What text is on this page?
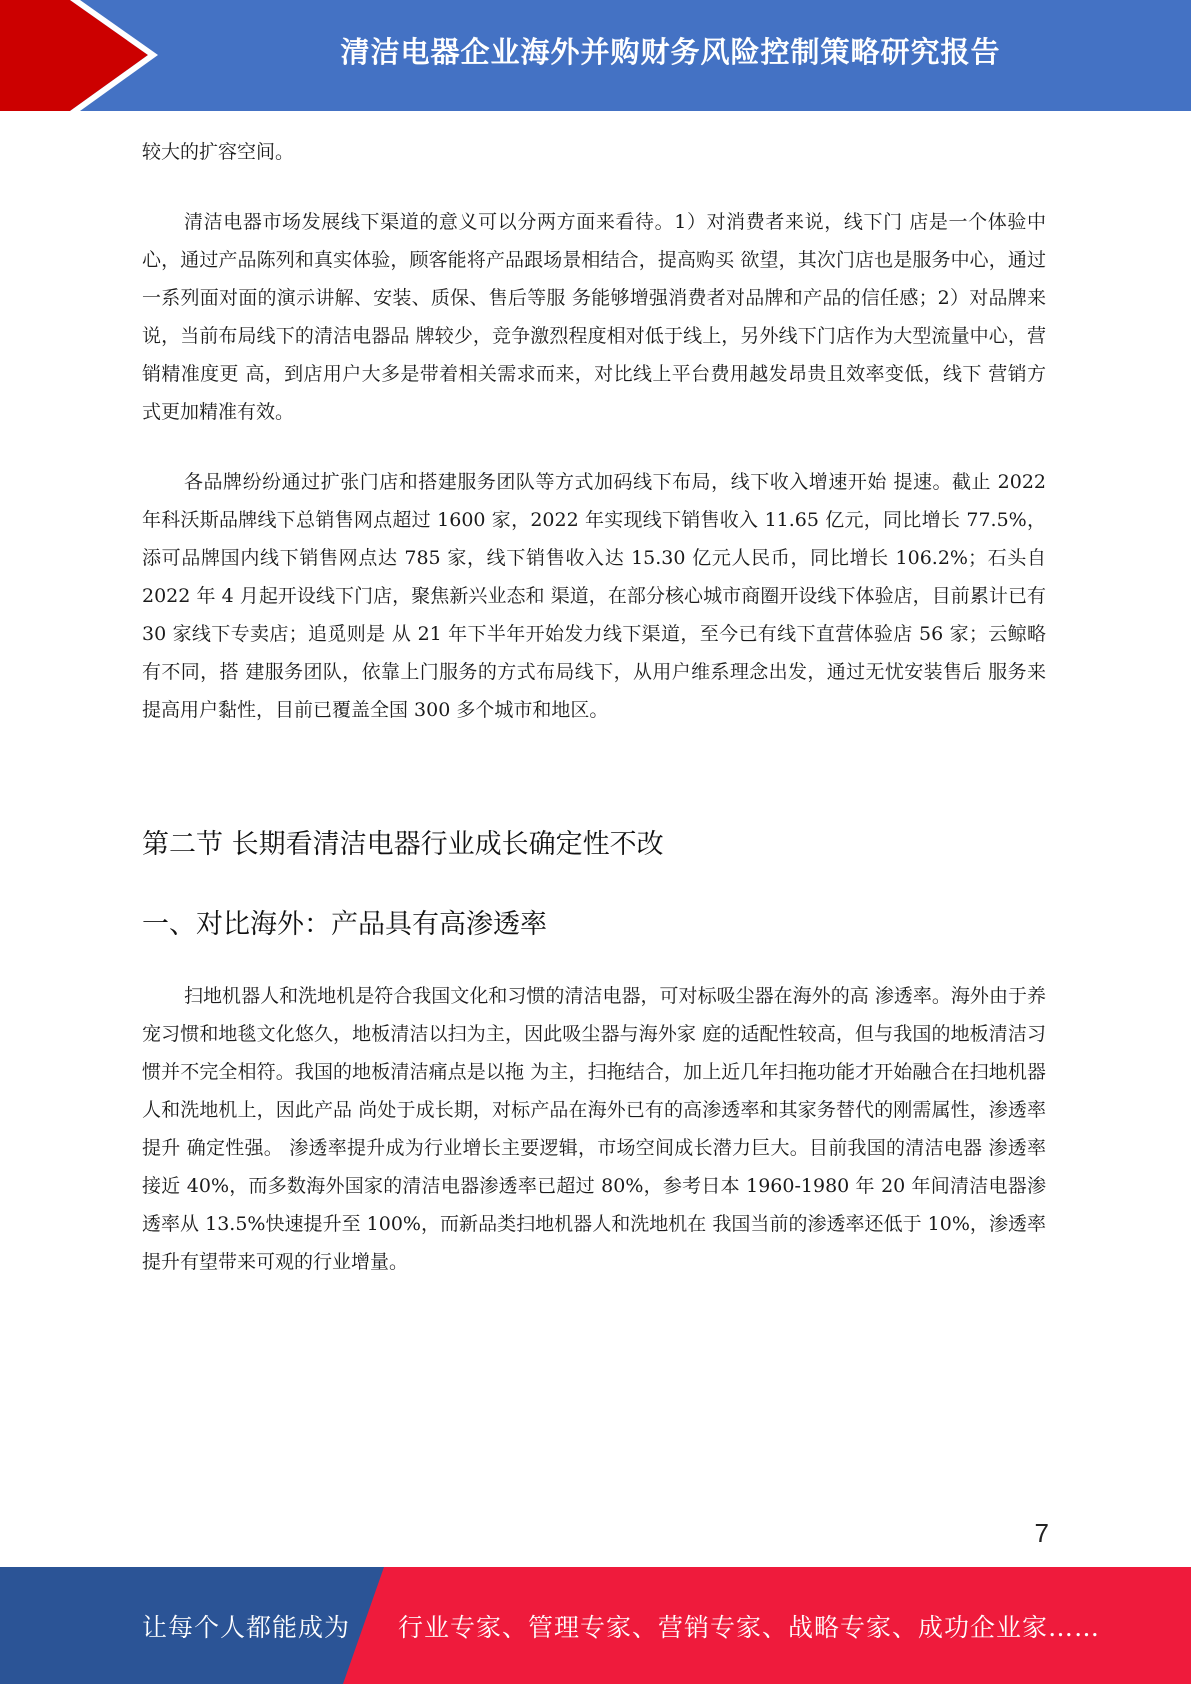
清洁电器企业海外并购财务风险控制策略研究报告

较大的扩容空间。

清洁电器市场发展线下渠道的意义可以分两方面来看待。1）对消费者来说，线下门 店是一个体验中心，通过产品陈列和真实体验，顾客能将产品跟场景相结合，提高购买 欲望，其次门店也是服务中心，通过一系列面对面的演示讲解、安装、质保、售后等服 务能够增强消费者对品牌和产品的信任感；2）对品牌来说，当前布局线下的清洁电器品 牌较少，竞争激烈程度相对低于线上，另外线下门店作为大型流量中心，营销精准度更 高，到店用户大多是带着相关需求而来，对比线上平台费用越发昂贵且效率变低，线下 营销方式更加精准有效。

各品牌纷纷通过扩张门店和搭建服务团队等方式加码线下布局，线下收入增速开始 提速。截止 2022 年科沃斯品牌线下总销售网点超过 1600 家，2022 年实现线下销售收入 11.65 亿元，同比增长 77.5%，添可品牌国内线下销售网点达 785 家，线下销售收入达 15.30 亿元人民币，同比增长 106.2%；石头自 2022 年 4 月起开设线下门店，聚焦新兴业态和 渠道，在部分核心城市商圈开设线下体验店，目前累计已有 30 家线下专卖店；追觅则是 从 21 年下半年开始发力线下渠道，至今已有线下直营体验店 56 家；云鲸略有不同，搭 建服务团队，依靠上门服务的方式布局线下，从用户维系理念出发，通过无忧安装售后 服务来提高用户黏性，目前已覆盖全国 300 多个城市和地区。

第二节 长期看清洁电器行业成长确定性不改
一、对比海外：产品具有高渗透率

扫地机器人和洗地机是符合我国文化和习惯的清洁电器，可对标吸尘器在海外的高 渗透率。海外由于养宠习惯和地毯文化悠久，地板清洁以扫为主，因此吸尘器与海外家 庭的适配性较高，但与我国的地板清洁习惯并不完全相符。我国的地板清洁痛点是以拖 为主，扫拖结合，加上近几年扫拖功能才开始融合在扫地机器人和洗地机上，因此产品 尚处于成长期，对标产品在海外已有的高渗透率和其家务替代的刚需属性，渗透率提升 确定性强。 渗透率提升成为行业增长主要逻辑，市场空间成长潜力巨大。目前我国的清洁电器 渗透率接近 40%，而多数海外国家的清洁电器渗透率已超过 80%，参考日本 1960-1980 年 20 年间清洁电器渗透率从 13.5%快速提升至 100%，而新品类扫地机器人和洗地机在 我国当前的渗透率还低于 10%，渗透率提升有望带来可观的行业增量。

7
让每个人都能成为 行业专家、管理专家、营销专家、战略专家、成功企业家……
